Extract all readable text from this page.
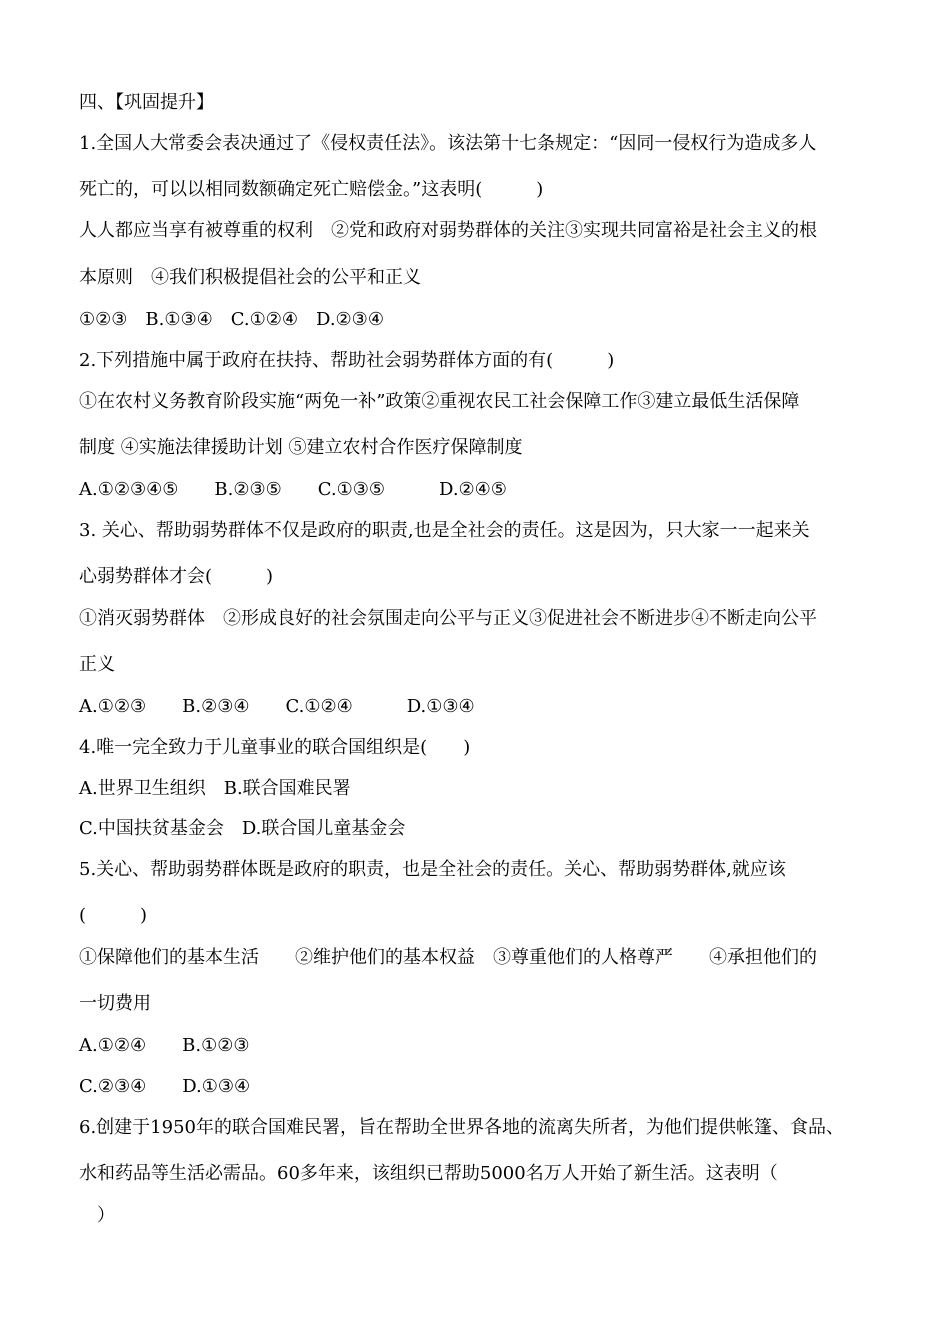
四、【巩固提升】
1.全国人大常委会表决通过了《侵权责任法》。该法第十七条规定：“因同一侵权行为造成多人
死亡的，可以以相同数额确定死亡赔偿金。”这表明(　　　)
人人都应当享有被尊重的权利　②党和政府对弱势群体的关注③实现共同富裕是社会主义的根
本原则　④我们积极提倡社会的公平和正义
①②③　B.①③④　C.①②④　D.②③④
2.下列措施中属于政府在扶持、帮助社会弱势群体方面的有(　　　)
①在农村义务教育阶段实施“两免一补”政策②重视农民工社会保障工作③建立最低生活保障
制度 ④实施法律援助计划 ⑤建立农村合作医疗保障制度
A.①②③④⑤　　B.②③⑤　　C.①③⑤　　　D.②④⑤
3. 关心、帮助弱势群体不仅是政府的职责,也是全社会的责任。这是因为，只大家一一起来关
心弱势群体才会(　　　)
①消灭弱势群体　②形成良好的社会氛围走向公平与正义③促进社会不断进步④不断走向公平
正义
A.①②③　　B.②③④　　C.①②④　　　D.①③④
4.唯一完全致力于儿童事业的联合国组织是(　　)
A.世界卫生组织　B.联合国难民署
C.中国扶贫基金会　D.联合国儿童基金会
5.关心、帮助弱势群体既是政府的职责，也是全社会的责任。关心、帮助弱势群体,就应该
(　　　)
①保障他们的基本生活　　②维护他们的基本权益　③尊重他们的人格尊严　　④承担他们的
一切费用
A.①②④　　B.①②③
C.②③④　　D.①③④
6.创建于1950年的联合国难民署，旨在帮助全世界各地的流离失所者，为他们提供帐篷、食品、
水和药品等生活必需品。60多年来，该组织已帮助5000名万人开始了新生活。这表明（
　）
